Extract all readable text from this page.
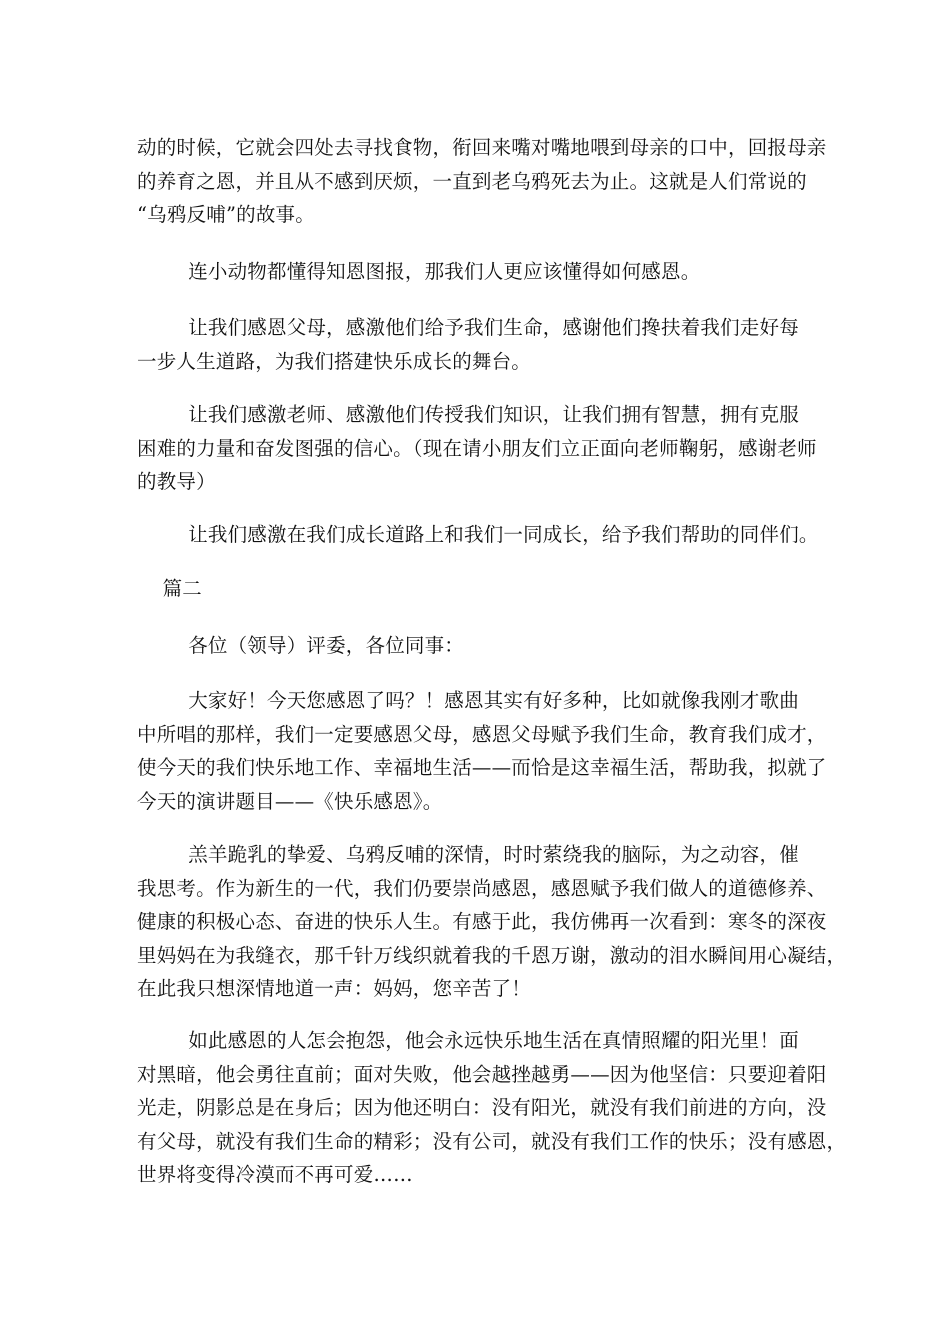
动的时候，它就会四处去寻找食物，衔回来嘴对嘴地喂到母亲的口中，回报母亲
的养育之恩，并且从不感到厌烦，一直到老乌鸦死去为止。这就是人们常说的
“乌鸦反哺”的故事。
连小动物都懂得知恩图报，那我们人更应该懂得如何感恩。
让我们感恩父母，感激他们给予我们生命，感谢他们搀扶着我们走好每
一步人生道路，为我们搭建快乐成长的舞台。
让我们感激老师、感激他们传授我们知识，让我们拥有智慧，拥有克服
困难的力量和奋发图强的信心。（现在请小朋友们立正面向老师鞠躬，感谢老师
的教导）
让我们感激在我们成长道路上和我们一同成长，给予我们帮助的同伴们。
篇二
各位（领导）评委，各位同事：
大家好！今天您感恩了吗？！感恩其实有好多种，比如就像我刚才歌曲
中所唱的那样，我们一定要感恩父母，感恩父母赋予我们生命，教育我们成才，
使今天的我们快乐地工作、幸福地生活——而恰是这幸福生活，帮助我，拟就了
今天的演讲题目——《快乐感恩》。
羔羊跪乳的挚爱、乌鸦反哺的深情，时时萦绕我的脑际，为之动容，催
我思考。作为新生的一代，我们仍要崇尚感恩，感恩赋予我们做人的道德修养、
健康的积极心态、奋进的快乐人生。有感于此，我仿佛再一次看到：寒冬的深夜
里妈妈在为我缝衣，那千针万线织就着我的千恩万谢，激动的泪水瞬间用心凝结，
在此我只想深情地道一声：妈妈，您辛苦了！
如此感恩的人怎会抱怨，他会永远快乐地生活在真情照耀的阳光里！面
对黑暗，他会勇往直前；面对失败，他会越挫越勇——因为他坚信：只要迎着阳
光走，阴影总是在身后；因为他还明白：没有阳光，就没有我们前进的方向，没
有父母，就没有我们生命的精彩；没有公司，就没有我们工作的快乐；没有感恩，
世界将变得冷漠而不再可爱……
